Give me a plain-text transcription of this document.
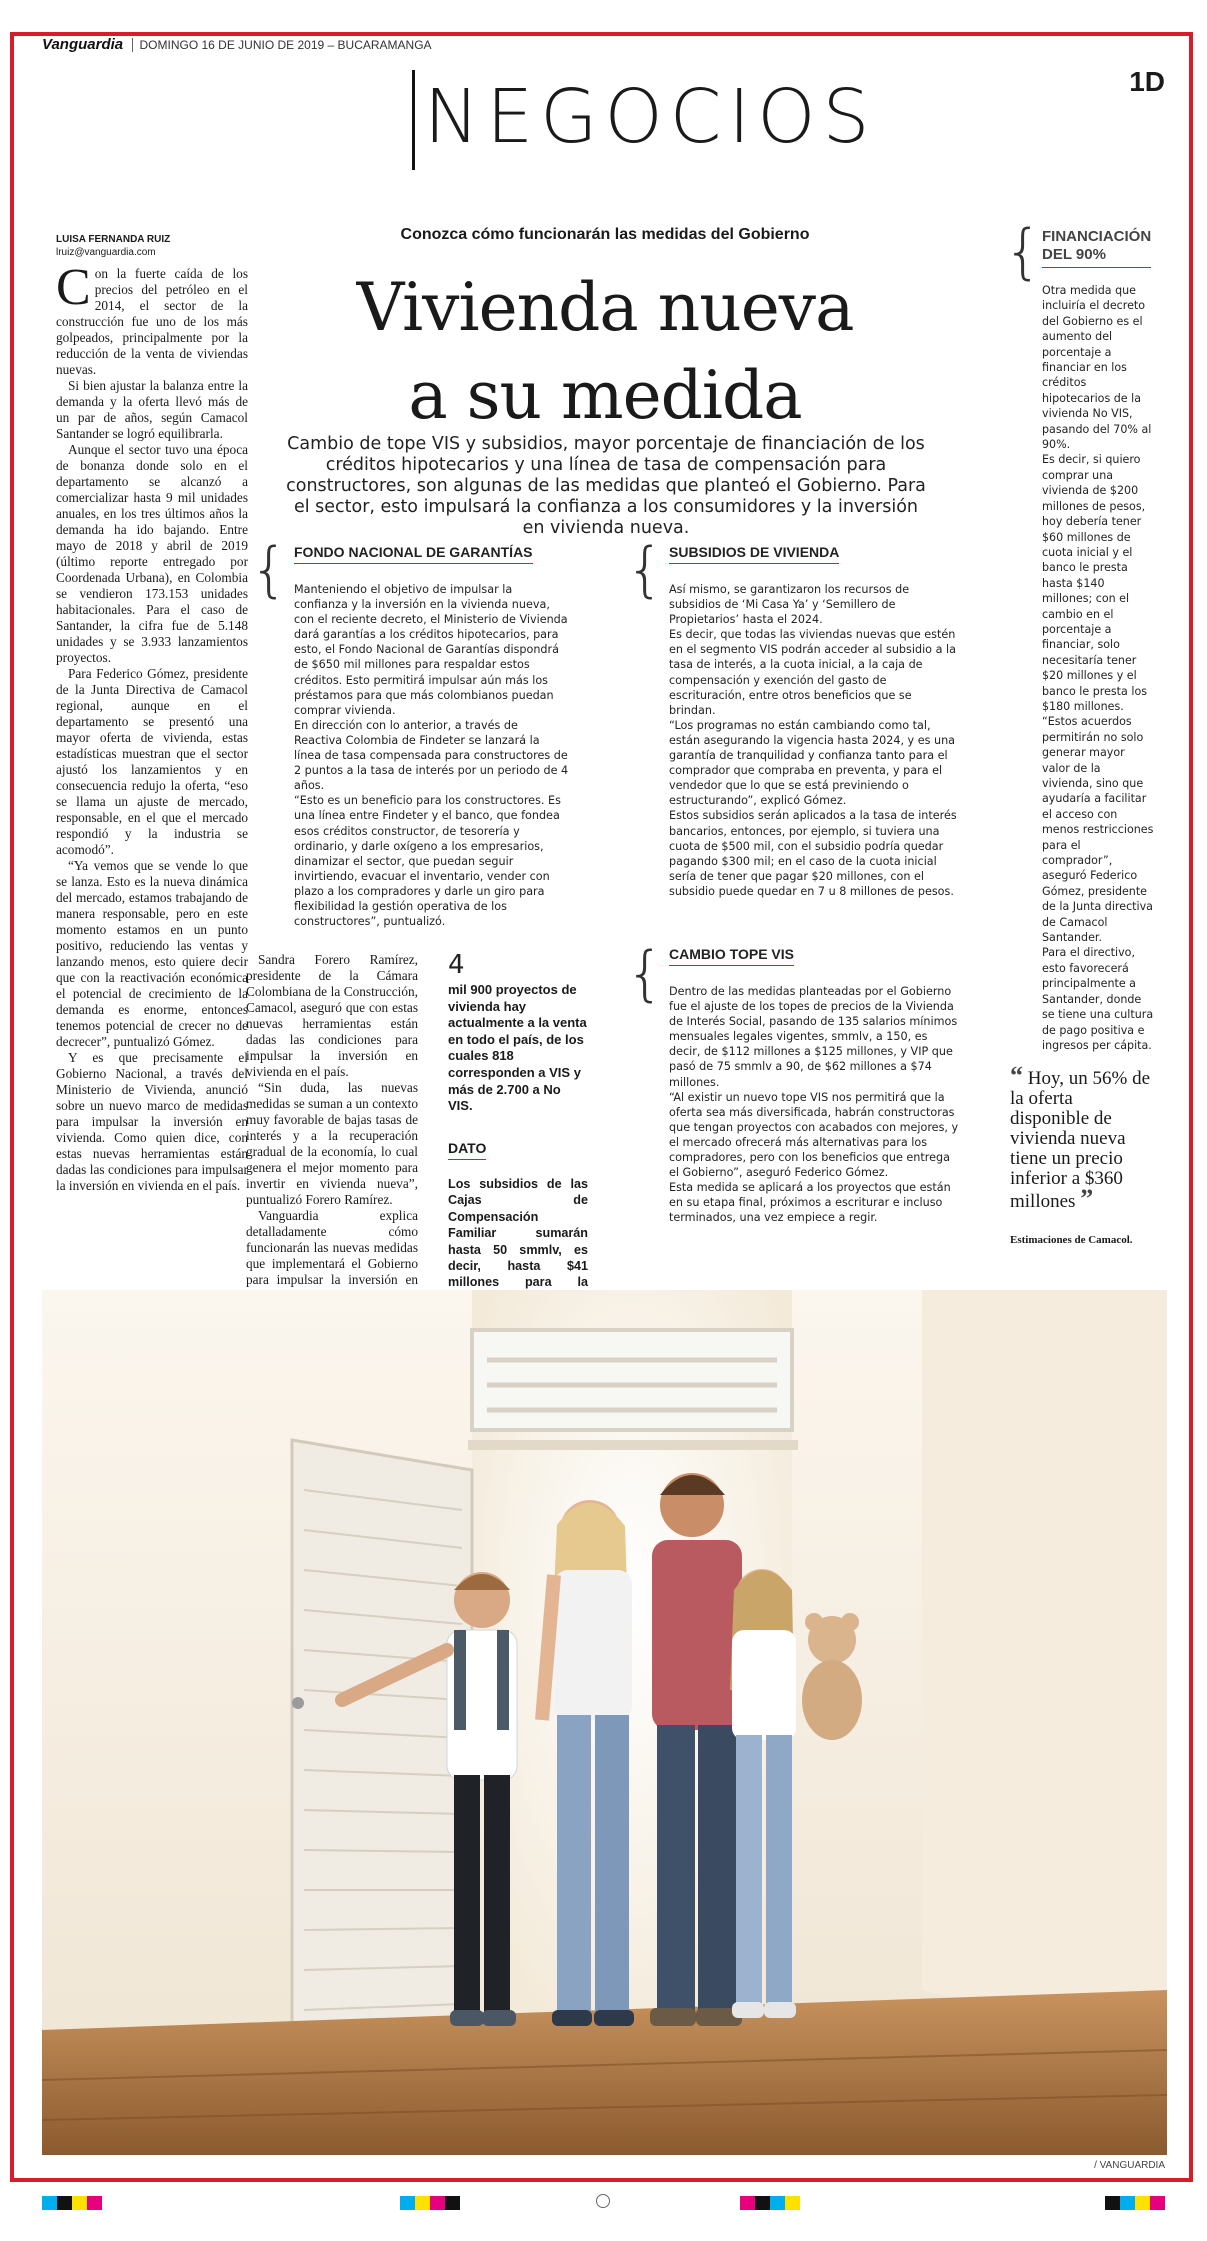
Vanguardia DOMINGO 16 DE JUNIO DE 2019 – BUCARAMANGA
1D
NEGOCIOS
LUISA FERNANDA RUIZ
lruiz@vanguardia.com

Con la fuerte caída de los precios del petróleo en el 2014, el sector de la construcción fue uno de los más golpeados, principalmente por la reducción de la venta de viviendas nuevas.

Si bien ajustar la balanza entre la demanda y la oferta llevó más de un par de años, según Camacol Santander se logró equilibrarla.

Aunque el sector tuvo una época de bonanza donde solo en el departamento se alcanzó a comercializar hasta 9 mil unidades anuales, en los tres últimos años la demanda ha ido bajando. Entre mayo de 2018 y abril de 2019 (último reporte entregado por Coordenada Urbana), en Colombia se vendieron 173.153 unidades habitacionales. Para el caso de Santander, la cifra fue de 5.148 unidades y se 3.933 lanzamientos proyectos.

Para Federico Gómez, presidente de la Junta Directiva de Camacol regional, aunque en el departamento se presentó una mayor oferta de vivienda, estas estadísticas muestran que el sector ajustó los lanzamientos y en consecuencia redujo la oferta, “eso se llama un ajuste de mercado, responsable, en el que el mercado respondió y la industria se acomodó”.

“Ya vemos que se vende lo que se lanza. Esto es la nueva dinámica del mercado, estamos trabajando de manera responsable, pero en este momento estamos en un punto positivo, reduciendo las ventas y lanzando menos, esto quiere decir que con la reactivación económica el potencial de crecimiento de la demanda es enorme, entonces tenemos potencial de crecer no de decrecer”, puntualizó Gómez.

Y es que precisamente el Gobierno Nacional, a través del Ministerio de Vivienda, anunció sobre un nuevo marco de medidas para impulsar la inversión en vivienda. Como quien dice, con estas nuevas herramientas están dadas las condiciones para impulsar la inversión en vivienda en el país.

Sandra Forero Ramírez, presidente de la Cámara Colombiana de la Construcción, Camacol, aseguró que con estas nuevas herramientas están dadas las condiciones para impulsar la inversión en vivienda en el país.

“Sin duda, las nuevas medidas se suman a un contexto muy favorable de bajas tasas de interés y a la recuperación gradual de la economía, lo cual genera el mejor momento para invertir en vivienda nueva”, puntualizó Forero Ramírez.

Vanguardia explica detalladamente cómo funcionarán las nuevas medidas que implementará el Gobierno para impulsar la inversión en

Conozca cómo funcionarán las medidas del Gobierno
Vivienda nueva
a su medida
Cambio de tope VIS y subsidios, mayor porcentaje de financiación de los créditos hipotecarios y una línea de tasa de compensación para constructores, son algunas de las medidas que planteó el Gobierno. Para el sector, esto impulsará la confianza a los consumidores y la inversión en vivienda nueva.
{ FONDO NACIONAL DE GARANTÍAS

Manteniendo el objetivo de impulsar la confianza y la inversión en la vivienda nueva, con el reciente decreto, el Ministerio de Vivienda dará garantías a los créditos hipotecarios, para esto, el Fondo Nacional de Garantías dispondrá de $650 mil millones para respaldar estos créditos. Esto permitirá impulsar aún más los préstamos para que más colombianos puedan comprar vivienda.

En dirección con lo anterior, a través de Reactiva Colombia de Findeter se lanzará la línea de tasa compensada para constructores de 2 puntos a la tasa de interés por un periodo de 4 años.

“Esto es un beneficio para los constructores. Es una línea entre Findeter y el banco, que fondea esos créditos constructor, de tesorería y ordinario, y darle oxígeno a los empresarios, dinamizar el sector, que puedan seguir invirtiendo, evacuar el inventario, vender con plazo a los compradores y darle un giro para flexibilidad la gestión operativa de los constructores”, puntualizó.

{ SUBSIDIOS DE VIVIENDA

Así mismo, se garantizaron los recursos de subsidios de ‘Mi Casa Ya’ y ‘Semillero de Propietarios’ hasta el 2024.

Es decir, que todas las viviendas nuevas que estén en el segmento VIS podrán acceder al subsidio a la tasa de interés, a la cuota inicial, a la caja de compensación y exención del gasto de escrituración, entre otros beneficios que se brindan.

“Los programas no están cambiando como tal, están asegurando la vigencia hasta 2024, y es una garantía de tranquilidad y confianza tanto para el comprador que compraba en preventa, y para el vendedor que lo que se está previniendo o estructurando”, explicó Gómez.

Estos subsidios serán aplicados a la tasa de interés bancarios, entonces, por ejemplo, si tuviera una cuota de $500 mil, con el subsidio podría quedar pagando $300 mil; en el caso de la cuota inicial sería de tener que pagar $20 millones, con el subsidio puede quedar en 7 u 8 millones de pesos.

{ CAMBIO TOPE VIS

Dentro de las medidas planteadas por el Gobierno fue el ajuste de los topes de precios de la Vivienda de Interés Social, pasando de 135 salarios mínimos mensuales legales vigentes, smmlv, a 150, es decir, de $112 millones a $125 millones, y VIP que pasó de 75 smmlv a 90, de $62 millones a $74 millones.

“Al existir un nuevo tope VIS nos permitirá que la oferta sea más diversificada, habrán constructoras que tengan proyectos con acabados con mejores, y el mercado ofrecerá más alternativas para los compradores, pero con los beneficios que entrega el Gobierno”, aseguró Federico Gómez.

Esta medida se aplicará a los proyectos que están en su etapa final, próximos a escriturar e incluso terminados, una vez empiece a regir.

{ FINANCIACIÓN
DEL 90%

Otra medida que incluiría el decreto del Gobierno es el aumento del porcentaje a financiar en los créditos hipotecarios de la vivienda No VIS, pasando del 70% al 90%.

Es decir, si quiero comprar una vivienda de $200 millones de pesos, hoy debería tener $60 millones de cuota inicial y el banco le presta hasta $140 millones; con el cambio en el porcentaje a financiar, solo necesitaría tener $20 millones y el banco le presta los $180 millones.

“Estos acuerdos permitirán no solo generar mayor valor de la vivienda, sino que ayudaría a facilitar el acceso con menos restricciones para el comprador”, aseguró Federico Gómez, presidente de la Junta directiva de Camacol Santander.

Para el directivo, esto favorecerá principalmente a Santander, donde se tiene una cultura de pago positiva e ingresos per cápita.

4
mil 900 proyectos de vivienda hay actualmente a la venta en todo el país, de los cuales 818 corresponden a VIS y más de 2.700 a No VIS.
DATO
Los subsidios de las Cajas de Compensación Familiar sumarán hasta 50 smmlv, es decir, hasta $41 millones para la
“ Hoy, un 56% de la oferta disponible de vivienda nueva tiene un precio inferior a $360 millones ”
Estimaciones de Camacol.
/ VANGUARDIA
